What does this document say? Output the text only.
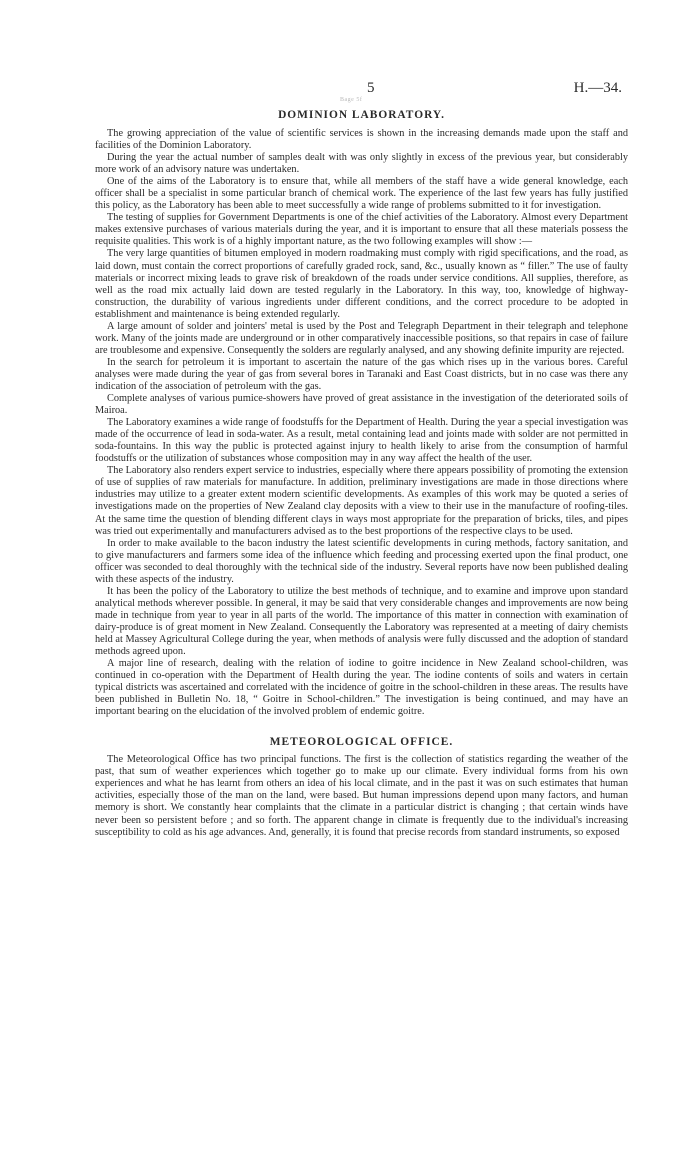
5	H.—34.
Bage 5f
DOMINION LABORATORY.

The growing appreciation of the value of scientific services is shown in the increasing demands made upon the staff and facilities of the Dominion Laboratory.

During the year the actual number of samples dealt with was only slightly in excess of the previous year, but considerably more work of an advisory nature was undertaken.

One of the aims of the Laboratory is to ensure that, while all members of the staff have a wide general knowledge, each officer shall be a specialist in some particular branch of chemical work. The experience of the last few years has fully justified this policy, as the Laboratory has been able to meet successfully a wide range of problems submitted to it for investigation.

The testing of supplies for Government Departments is one of the chief activities of the Laboratory. Almost every Department makes extensive purchases of various materials during the year, and it is important to ensure that all these materials possess the requisite qualities. This work is of a highly important nature, as the two following examples will show :—

The very large quantities of bitumen employed in modern roadmaking must comply with rigid specifications, and the road, as laid down, must contain the correct proportions of carefully graded rock, sand, &c., usually known as “ filler.” The use of faulty materials or incorrect mixing leads to grave risk of breakdown of the roads under service conditions. All supplies, therefore, as well as the road mix actually laid down are tested regularly in the Laboratory. In this way, too, knowledge of highway-construction, the durability of various ingredients under different conditions, and the correct procedure to be adopted in establishment and maintenance is being extended regularly.

A large amount of solder and jointers' metal is used by the Post and Telegraph Department in their telegraph and telephone work. Many of the joints made are underground or in other comparatively inaccessible positions, so that repairs in case of failure are troublesome and expensive. Consequently the solders are regularly analysed, and any showing definite impurity are rejected.

In the search for petroleum it is important to ascertain the nature of the gas which rises up in the various bores. Careful analyses were made during the year of gas from several bores in Taranaki and East Coast districts, but in no case was there any indication of the association of petroleum with the gas.

Complete analyses of various pumice-showers have proved of great assistance in the investigation of the deteriorated soils of Mairoa.

The Laboratory examines a wide range of foodstuffs for the Department of Health. During the year a special investigation was made of the occurrence of lead in soda-water. As a result, metal containing lead and joints made with solder are not permitted in soda-fountains. In this way the public is protected against injury to health likely to arise from the consumption of harmful foodstuffs or the utilization of substances whose composition may in any way affect the health of the user.

The Laboratory also renders expert service to industries, especially where there appears possibility of promoting the extension of use of supplies of raw materials for manufacture. In addition, preliminary investigations are made in those directions where industries may utilize to a greater extent modern scientific developments. As examples of this work may be quoted a series of investigations made on the properties of New Zealand clay deposits with a view to their use in the manufacture of roofing-tiles. At the same time the question of blending different clays in ways most appropriate for the preparation of bricks, tiles, and pipes was tried out experimentally and manufacturers advised as to the best proportions of the respective clays to be used.

In order to make available to the bacon industry the latest scientific developments in curing methods, factory sanitation, and to give manufacturers and farmers some idea of the influence which feeding and processing exerted upon the final product, one officer was seconded to deal thoroughly with the technical side of the industry. Several reports have now been published dealing with these aspects of the industry.

It has been the policy of the Laboratory to utilize the best methods of technique, and to examine and improve upon standard analytical methods wherever possible. In general, it may be said that very considerable changes and improvements are now being made in technique from year to year in all parts of the world. The importance of this matter in connection with examination of dairy-produce is of great moment in New Zealand. Consequently the Laboratory was represented at a meeting of dairy chemists held at Massey Agricultural College during the year, when methods of analysis were fully discussed and the adoption of standard methods agreed upon.

A major line of research, dealing with the relation of iodine to goitre incidence in New Zealand school-children, was continued in co-operation with the Department of Health during the year. The iodine contents of soils and waters in certain typical districts was ascertained and correlated with the incidence of goitre in the school-children in these areas. The results have been published in Bulletin No. 18, “ Goitre in School-children.” The investigation is being continued, and may have an important bearing on the elucidation of the involved problem of endemic goitre.

METEOROLOGICAL OFFICE.

The Meteorological Office has two principal functions. The first is the collection of statistics regarding the weather of the past, that sum of weather experiences which together go to make up our climate. Every individual forms from his own experiences and what he has learnt from others an idea of his local climate, and in the past it was on such estimates that human activities, especially those of the man on the land, were based. But human impressions depend upon many factors, and human memory is short. We constantly hear complaints that the climate in a particular district is changing ; that certain winds have never been so persistent before ; and so forth. The apparent change in climate is frequently due to the individual's increasing susceptibility to cold as his age advances. And, generally, it is found that precise records from standard instruments, so exposed
